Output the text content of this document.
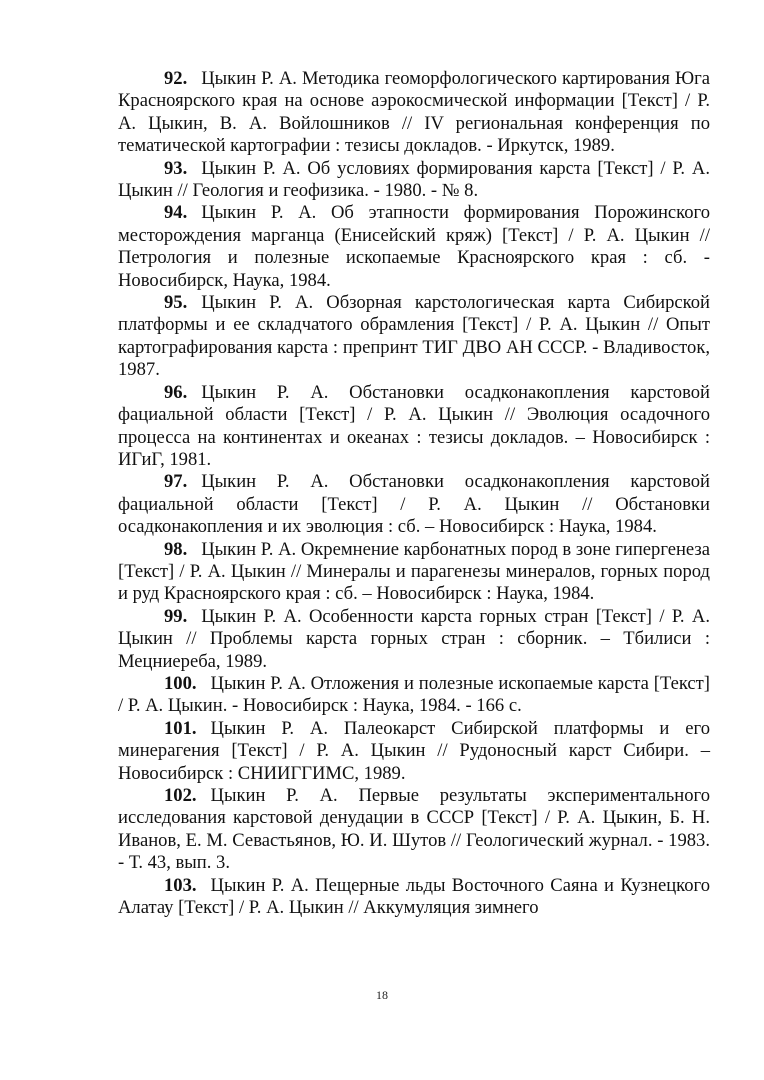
92. Цыкин Р. А. Методика геоморфологического картирования Юга Красноярского края на основе аэрокосмической информации [Текст] / Р. А. Цыкин, В. А. Войлошников // IV региональная конференция по тематической картографии : тезисы докладов. - Иркутск, 1989.

93. Цыкин Р. А. Об условиях формирования карста [Текст] / Р. А. Цыкин // Геология и геофизика. - 1980. - № 8.

94. Цыкин Р. А. Об этапности формирования Порожинского месторождения марганца (Енисейский кряж) [Текст] / Р. А. Цыкин // Петрология и полезные ископаемые Красноярского края : сб. - Новосибирск, Наука, 1984.

95. Цыкин Р. А. Обзорная карстологическая карта Сибирской платформы и ее складчатого обрамления [Текст] / Р. А. Цыкин // Опыт картографирования карста : препринт ТИГ ДВО АН СССР. - Владивосток, 1987.

96. Цыкин Р. А. Обстановки осадконакопления карстовой фациальной области [Текст] / Р. А. Цыкин // Эволюция осадочного процесса на континентах и океанах : тезисы докладов. – Новосибирск : ИГиГ, 1981.

97. Цыкин Р. А. Обстановки осадконакопления карстовой фациальной области [Текст] / Р. А. Цыкин // Обстановки осадконакопления и их эволюция : сб. – Новосибирск : Наука, 1984.

98. Цыкин Р. А. Окремнение карбонатных пород в зоне гипергенеза [Текст] / Р. А. Цыкин // Минералы и парагенезы минералов, горных пород и руд Красноярского края : сб. – Новосибирск : Наука, 1984.

99. Цыкин Р. А. Особенности карста горных стран [Текст] / Р. А. Цыкин // Проблемы карста горных стран : сборник. – Тбилиси : Мецниереба, 1989.

100. Цыкин Р. А. Отложения и полезные ископаемые карста [Текст] / Р. А. Цыкин. - Новосибирск : Наука, 1984. - 166 с.

101. Цыкин Р. А. Палеокарст Сибирской платформы и его минерагения [Текст] / Р. А. Цыкин // Рудоносный карст Сибири. – Новосибирск : СНИИГГИМС, 1989.

102. Цыкин Р. А. Первые результаты экспериментального исследования карстовой денудации в СССР [Текст] / Р. А. Цыкин, Б. Н. Иванов, Е. М. Севастьянов, Ю. И. Шутов // Геологический журнал. - 1983. - Т. 43, вып. 3.

103. Цыкин Р. А. Пещерные льды Восточного Саяна и Кузнецкого Алатау [Текст] / Р. А. Цыкин // Аккумуляция зимнего

18
